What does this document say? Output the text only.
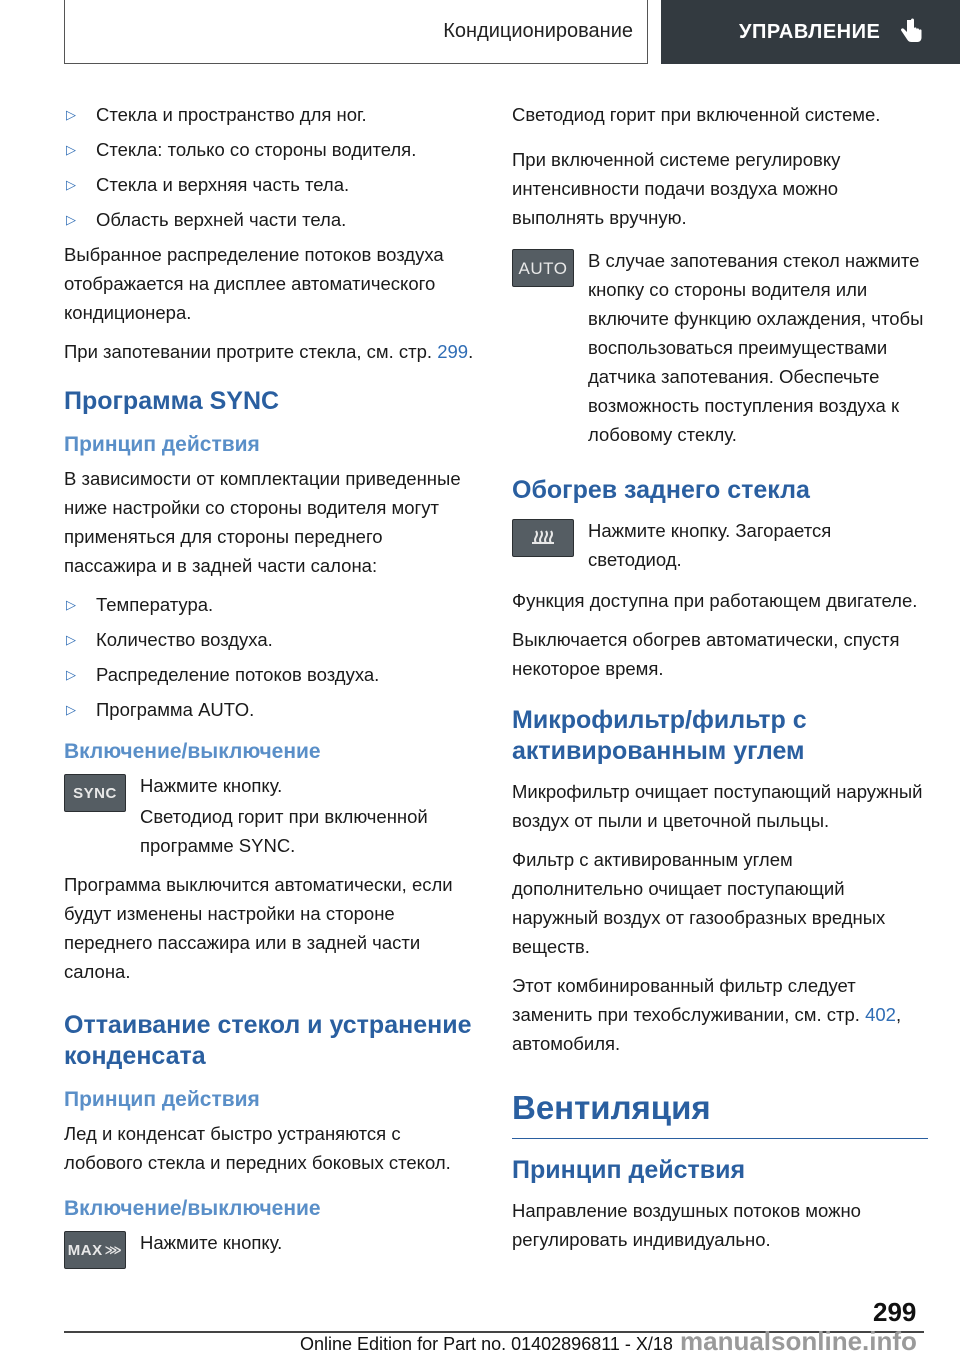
Кондиционирование	УПРАВЛЕНИЕ
▷	Стекла и пространство для ног.
▷	Стекла: только со стороны водителя.
▷	Стекла и верхняя часть тела.
▷	Область верхней части тела.

Выбранное распределение потоков воздуха отображается на дисплее автоматического кондиционера.

При запотевании протрите стекла, см. стр. 299.

Программа SYNC
Принцип действия

В зависимости от комплектации приведенные ниже настройки со стороны водителя могут применяться для стороны переднего пассажира и в задней части салона:

▷	Температура.
▷	Количество воздуха.
▷	Распределение потоков воздуха.
▷	Программа AUTO.
Включение/выключение
SYNC	Нажмите кнопку.

Светодиод горит при включенной программе SYNC.

Программа выключится автоматически, если будут изменены настройки на стороне переднего пассажира или в задней части салона.

Оттаивание стекол и устранение конденсата
Принцип действия

Лед и конденсат быстро устраняются с лобового стекла и передних боковых стекол.

Включение/выключение
MAX ⋙ Нажмите кнопку.

Светодиод горит при включенной системе.

При включенной системе регулировку интенсивности подачи воздуха можно выполнять вручную.

AUTO	В случае запотевания стекол нажмите кнопку со стороны водителя или включите функцию охлаждения, чтобы воспользоваться преимуществами датчика запотевания. Обеспечьте возможность поступления воздуха к лобовому стеклу.
Обогрев заднего стекла
Нажмите кнопку. Загорается светодиод.

Функция доступна при работающем двигателе.

Выключается обогрев автоматически, спустя некоторое время.

Микрофильтр/фильтр с активированным углем

Микрофильтр очищает поступающий наружный воздух от пыли и цветочной пыльцы.

Фильтр с активированным углем дополнительно очищает поступающий наружный воздух от газообразных вредных веществ.

Этот комбинированный фильтр следует заменить при техобслуживании, см. стр. 402, автомобиля.

Вентиляция
Принцип действия

Направление воздушных потоков можно регулировать индивидуально.

299
Online Edition for Part no. 01402896811 - X/18 manualsonline.info
